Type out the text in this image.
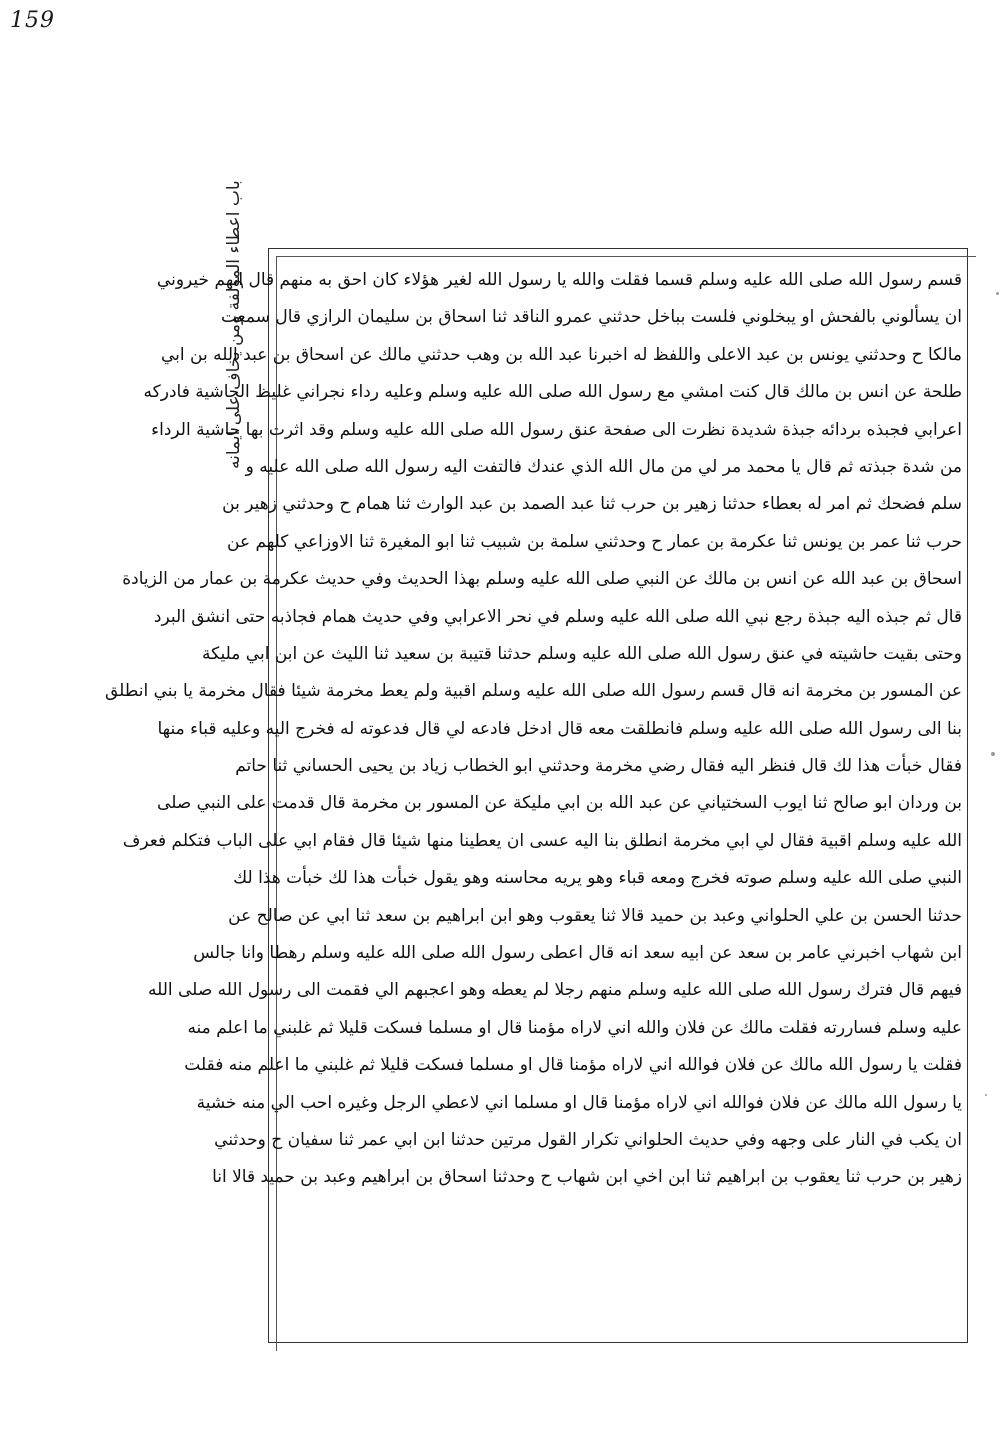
159
باب اعطاء المؤلفة ومن يخاف على ايمانه
قسم رسول الله صلى الله عليه وسلم قسما فقلت والله يا رسول الله لغير هؤلاء كان احق به منهم قال انهم خيروني
ان يسألوني بالفحش او يبخلوني فلست بباخل حدثني عمرو الناقد ثنا اسحاق بن سليمان الرازي قال سمعت
مالكا ح وحدثني يونس بن عبد الاعلى واللفظ له اخبرنا عبد الله بن وهب حدثني مالك عن اسحاق بن عبد الله بن ابي
طلحة عن انس بن مالك قال كنت امشي مع رسول الله صلى الله عليه وسلم وعليه رداء نجراني غليظ الحاشية فادركه
اعرابي فجبذه بردائه جبذة شديدة نظرت الى صفحة عنق رسول الله صلى الله عليه وسلم وقد اثرت بها حاشية الرداء
من شدة جبذته ثم قال يا محمد مر لي من مال الله الذي عندك فالتفت اليه رسول الله صلى الله عليه و
سلم فضحك ثم امر له بعطاء حدثنا زهير بن حرب ثنا عبد الصمد بن عبد الوارث ثنا همام ح وحدثني زهير بن
حرب ثنا عمر بن يونس ثنا عكرمة بن عمار ح وحدثني سلمة بن شبيب ثنا ابو المغيرة ثنا الاوزاعي كلهم عن
اسحاق بن عبد الله عن انس بن مالك عن النبي صلى الله عليه وسلم بهذا الحديث وفي حديث عكرمة بن عمار من الزيادة
قال ثم جبذه اليه جبذة رجع نبي الله صلى الله عليه وسلم في نحر الاعرابي وفي حديث همام فجاذبه حتى انشق البرد
وحتى بقيت حاشيته في عنق رسول الله صلى الله عليه وسلم حدثنا قتيبة بن سعيد ثنا الليث عن ابن ابي مليكة
عن المسور بن مخرمة انه قال قسم رسول الله صلى الله عليه وسلم اقبية ولم يعط مخرمة شيئا فقال مخرمة يا بني انطلق
بنا الى رسول الله صلى الله عليه وسلم فانطلقت معه قال ادخل فادعه لي قال فدعوته له فخرج اليه وعليه قباء منها
فقال خبأت هذا لك قال فنظر اليه فقال رضي مخرمة وحدثني ابو الخطاب زياد بن يحيى الحساني ثنا حاتم
بن وردان ابو صالح ثنا ايوب السختياني عن عبد الله بن ابي مليكة عن المسور بن مخرمة قال قدمت على النبي صلى
الله عليه وسلم اقبية فقال لي ابي مخرمة انطلق بنا اليه عسى ان يعطينا منها شيئا قال فقام ابي على الباب فتكلم فعرف
النبي صلى الله عليه وسلم صوته فخرج ومعه قباء وهو يريه محاسنه وهو يقول خبأت هذا لك خبأت هذا لك
حدثنا الحسن بن علي الحلواني وعبد بن حميد قالا ثنا يعقوب وهو ابن ابراهيم بن سعد ثنا ابي عن صالح عن
ابن شهاب اخبرني عامر بن سعد عن ابيه سعد انه قال اعطى رسول الله صلى الله عليه وسلم رهطا وانا جالس
فيهم قال فترك رسول الله صلى الله عليه وسلم منهم رجلا لم يعطه وهو اعجبهم الي فقمت الى رسول الله صلى الله
عليه وسلم فساررته فقلت مالك عن فلان والله اني لاراه مؤمنا قال او مسلما فسكت قليلا ثم غلبني ما اعلم منه
فقلت يا رسول الله مالك عن فلان فوالله اني لاراه مؤمنا قال او مسلما فسكت قليلا ثم غلبني ما اعلم منه فقلت
يا رسول الله مالك عن فلان فوالله اني لاراه مؤمنا قال او مسلما اني لاعطي الرجل وغيره احب الي منه خشية
ان يكب في النار على وجهه وفي حديث الحلواني تكرار القول مرتين حدثنا ابن ابي عمر ثنا سفيان ح وحدثني
زهير بن حرب ثنا يعقوب بن ابراهيم ثنا ابن اخي ابن شهاب ح وحدثنا اسحاق بن ابراهيم وعبد بن حميد قالا انا
